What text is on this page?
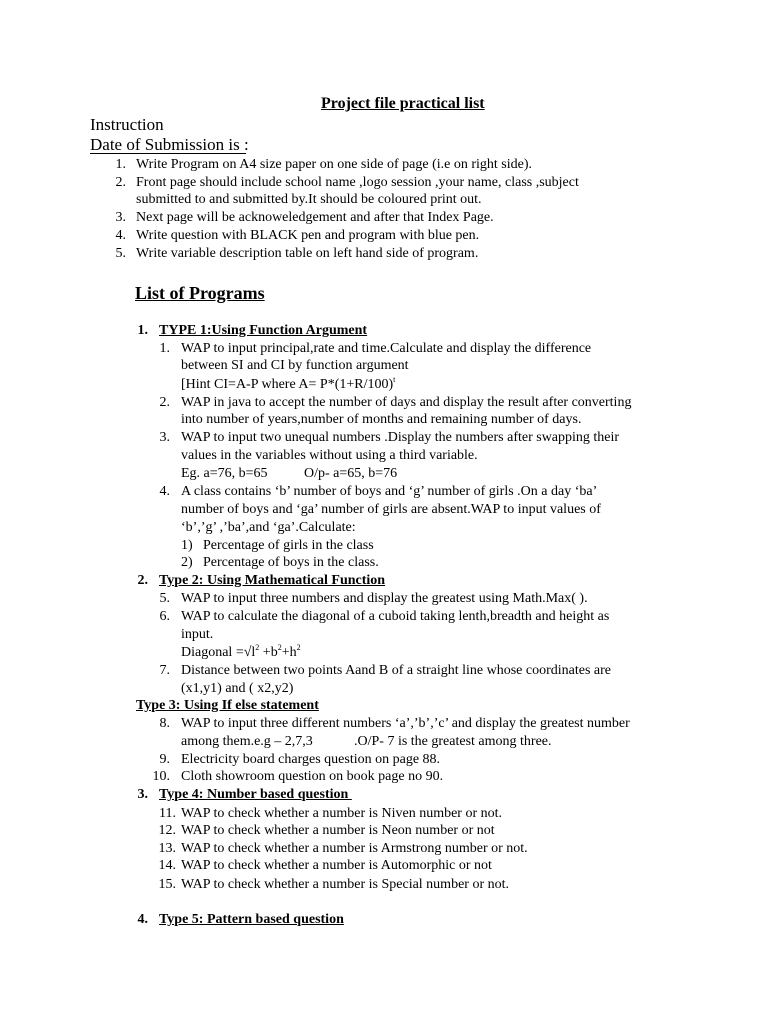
Project file practical list
Instruction
Date of Submission is :
1. Write Program on A4 size paper on one side of page (i.e on right side).
2. Front page should include school name ,logo session ,your name, class ,subject
submitted to and submitted by.It should be coloured print out.
3. Next page will be acknoweledgement and after that Index Page.
4. Write question with BLACK pen and program with blue pen.
5. Write variable description table on left hand side of program.
List of Programs
1. TYPE 1:Using Function Argument
1. WAP to input principal,rate and time.Calculate and display the difference
between SI and CI by function argument
[Hint CI=A-P where $A= P*(1+R/100)^t$
2. WAP in java to accept the number of days and display the result after converting
into number of years,number of months and remaining number of days.
3. WAP to input two unequal numbers .Display the numbers after swapping their
values in the variables without using a third variable.
Eg. a=76, b=65	O/p- a=65, b=76
4. A class contains ‘b’ number of boys and ‘g’ number of girls .On a day ‘ba’
number of boys and ‘ga’ number of girls are absent.WAP to input values of
‘b’,’g’ ,’ba’,and ‘ga’.Calculate:
1) Percentage of girls in the class
2) Percentage of boys in the class.
2. Type 2: Using Mathematical Function
5. WAP to input three numbers and display the greatest using Math.Max( ).
6. WAP to calculate the diagonal of a cuboid taking lenth,breadth and height as
input.
Diagonal $=√l^2 +b^2+h^2$
7. Distance between two points Aand B of a straight line whose coordinates are
(x1,y1) and ( x2,y2)
Type 3: Using If else statement
8. WAP to input three different numbers ‘a’,’b’,’c’ and display the greatest number
among them.e.g – 2,7,3	.O/P- 7 is the greatest among three.
9. Electricity board charges question on page 88.
10. Cloth showroom question on book page no 90.
3. Type 4: Number based question
11. WAP to check whether a number is Niven number or not.
12. WAP to check whether a number is Neon number or not
13. WAP to check whether a number is Armstrong number or not.
14. WAP to check whether a number is Automorphic or not
15. WAP to check whether a number is Special number or not.
4. Type 5: Pattern based question
